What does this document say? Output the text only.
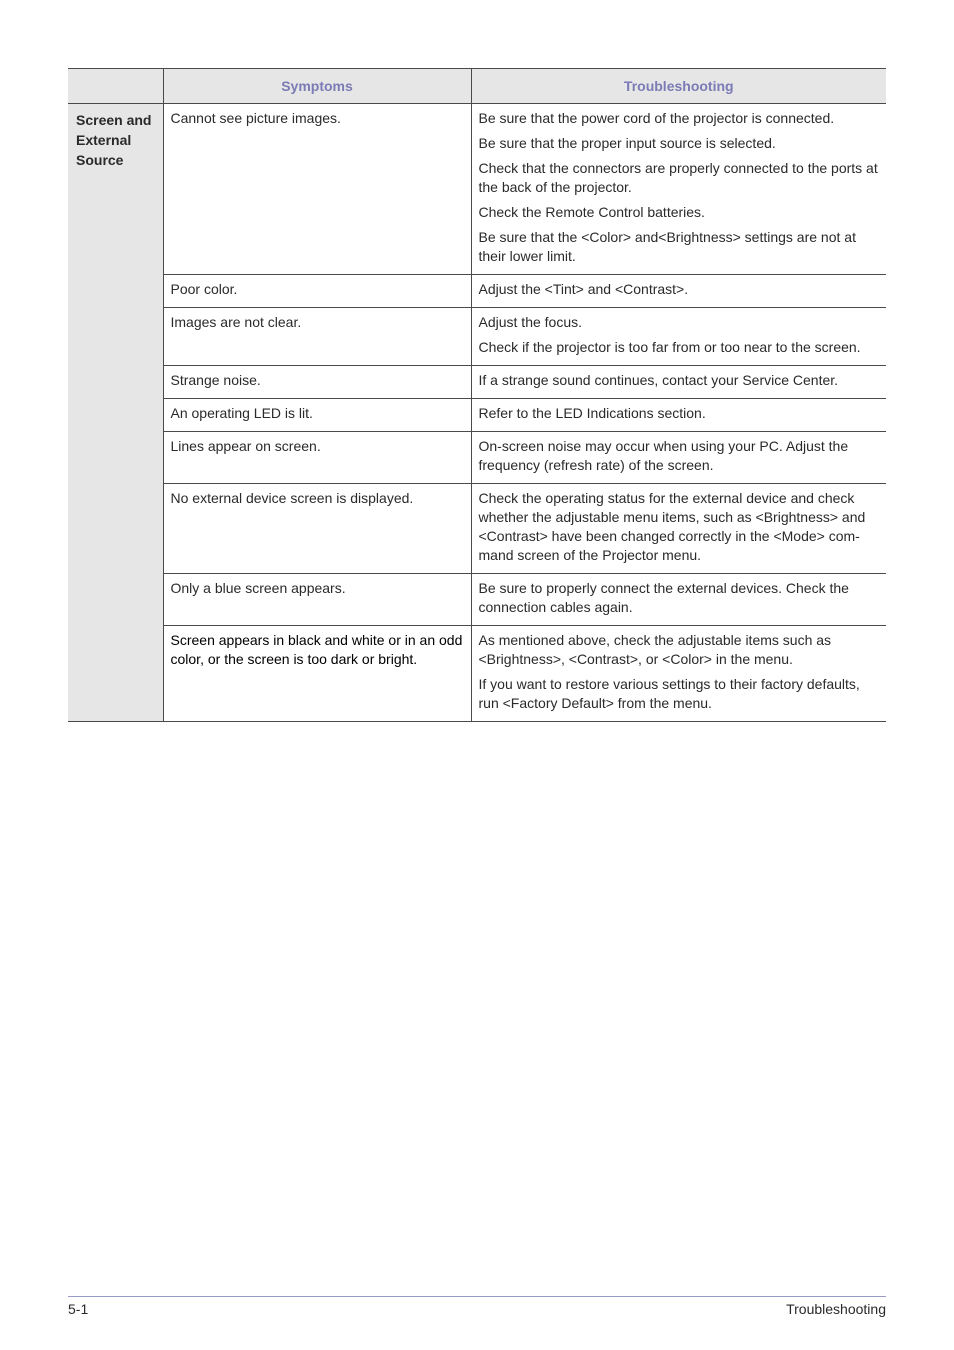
	Symptoms	Troubleshooting
Screen and External Source	Cannot see picture images.	Be sure that the power cord of the projector is connected.

Be sure that the proper input source is selected.

Check that the connectors are properly connected to the ports at the back of the projector.

Check the Remote Control batteries.

Be sure that the <Color> and<Brightness> settings are not at their lower limit.

	Poor color.	Adjust the <Tint> and <Contrast>.

	Images are not clear.	Adjust the focus.

Check if the projector is too far from or too near to the screen.

	Strange noise.	If a strange sound continues, contact your Service Center.

	An operating LED is lit.	Refer to the LED Indications section.

	Lines appear on screen.	On-screen noise may occur when using your PC. Adjust the frequency (refresh rate) of the screen.

	No external device screen is displayed.	Check the operating status for the external device and check whether the adjustable menu items, such as <Brightness> and <Contrast> have been changed correctly in the <Mode> com-mand screen of the Projector menu.

	Only a blue screen appears.	Be sure to properly connect the external devices. Check the connection cables again.

	Screen appears in black and white or in an odd color, or the screen is too dark or bright.	As mentioned above, check the adjustable items such as <Brightness>, <Contrast>, or <Color> in the menu.

If you want to restore various settings to their factory defaults, run <Factory Default> from the menu.

5-1	Troubleshooting
